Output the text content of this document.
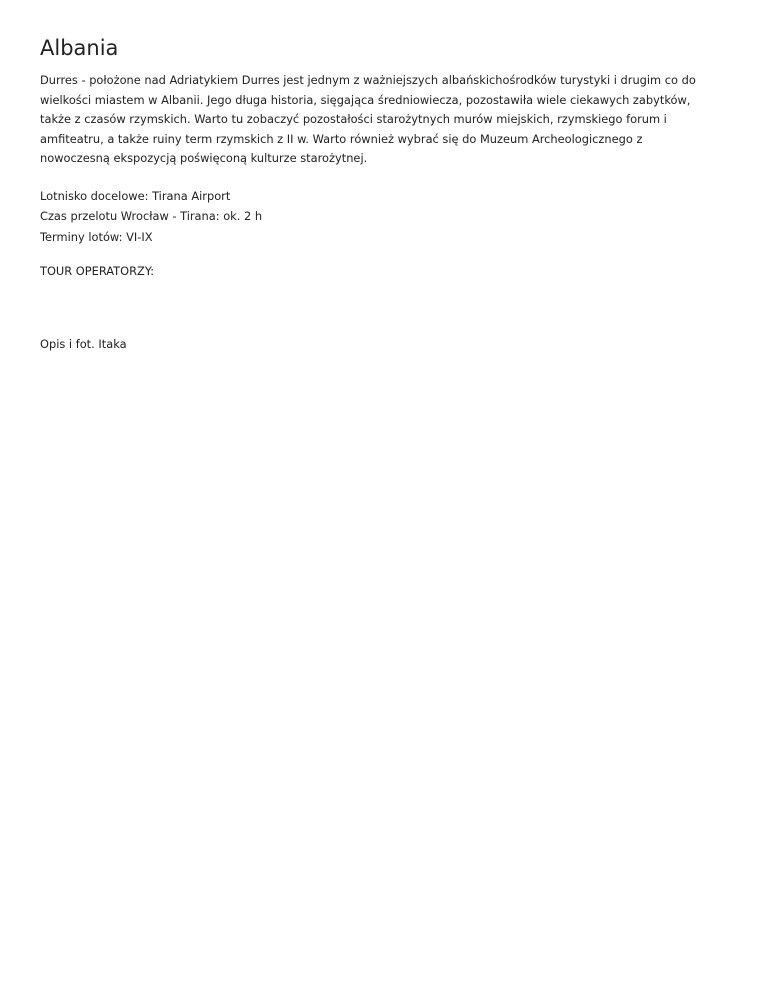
Albania

Durres - położone nad Adriatykiem Durres jest jednym z ważniejszych albańskichośrodków turystyki i drugim co do
wielkości miastem w Albanii. Jego długa historia, sięgająca średniowiecza, pozostawiła wiele ciekawych zabytków,
także z czasów rzymskich. Warto tu zobaczyć pozostałości starożytnych murów miejskich, rzymskiego forum i
amfiteatru, a także ruiny term rzymskich z II w. Warto również wybrać się do Muzeum Archeologicznego z
nowoczesną ekspozycją poświęconą kulturze starożytnej.

Lotnisko docelowe: Tirana Airport
Czas przelotu Wrocław - Tirana: ok. 2 h
Terminy lotów: VI-IX
TOUR OPERATORZY:
Opis i fot. Itaka
